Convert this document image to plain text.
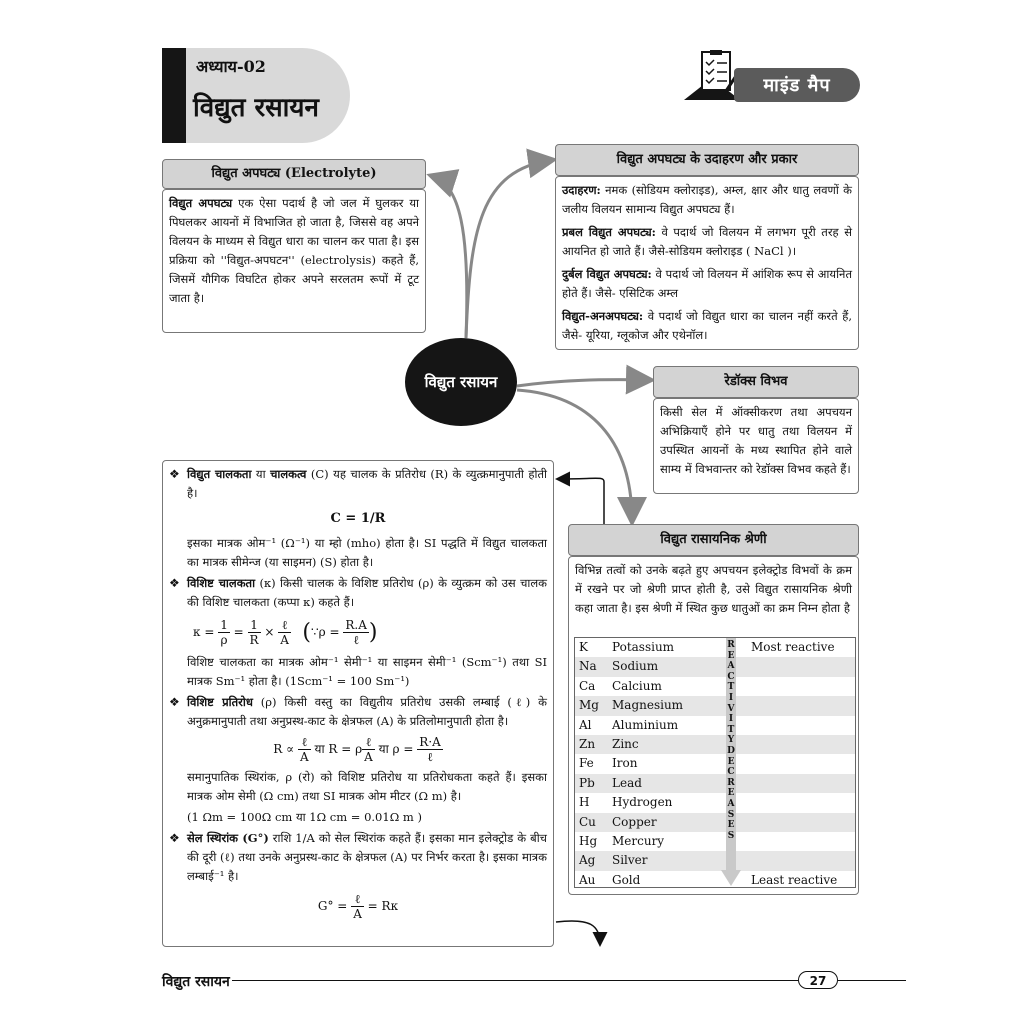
अध्याय-02
विद्युत रसायन
माइंड मैप
विद्युत अपघट्य (Electrolyte)
विद्युत अपघट्य एक ऐसा पदार्थ है जो जल में घुलकर या पिघलकर आयनों में विभाजित हो जाता है, जिससे वह अपने विलयन के माध्यम से विद्युत धारा का चालन कर पाता है। इस प्रक्रिया को ''विद्युत-अपघटन'' (electrolysis) कहते हैं, जिसमें यौगिक विघटित होकर अपने सरलतम रूपों में टूट जाता है।
विद्युत अपघट्य के उदाहरण और प्रकार

उदाहरण: नमक (सोडियम क्लोराइड), अम्ल, क्षार और धातु लवणों के जलीय विलयन सामान्य विद्युत अपघट्य हैं।

प्रबल विद्युत अपघट्य: वे पदार्थ जो विलयन में लगभग पूरी तरह से आयनित हो जाते हैं। जैसे-सोडियम क्लोराइड ( NaCl )।

दुर्बल विद्युत अपघट्य: वे पदार्थ जो विलयन में आंशिक रूप से आयनित होते हैं। जैसे- एसिटिक अम्ल

विद्युत-अनअपघट्य: वे पदार्थ जो विद्युत धारा का चालन नहीं करते हैं, जैसे- यूरिया, ग्लूकोज और एथेनॉल।

विद्युत रसायन	रेडॉक्स विभव
किसी सेल में ऑक्सीकरण तथा अपचयन अभिक्रियाएँ होने पर धातु तथा विलयन में उपस्थित आयनों के मध्य स्थापित होने वाले साम्य में विभवान्तर को रेडॉक्स विभव कहते हैं।
❖ विद्युत चालकता या चालकत्व (C) यह चालक के प्रतिरोध (R) के व्युत्क्रमानुपाती होती है।
C = 1/R
इसका मात्रक ओम⁻¹ (Ω⁻¹) या म्हो (mho) होता है। SI पद्धति में विद्युत चालकता का मात्रक सीमेन्ज (या साइमन) (S) होता है।
❖ विशिष्ट चालकता (κ) किसी चालक के विशिष्ट प्रतिरोध (ρ) के व्युत्क्रम को उस चालक की विशिष्ट चालकता (कप्पा κ) कहते हैं।
$\kappa = \frac{1}{\rho} = \frac{1}{R} \times \frac{\text{ℓ}}{A}$ (∵ρ = $\frac{R.A}{\text{ℓ}}$ )
विशिष्ट चालकता का मात्रक ओम⁻¹ सेमी⁻¹ या साइमन सेमी⁻¹ (Scm⁻¹) तथा SI मात्रक Sm⁻¹ होता है। (1Scm⁻¹ = 100 Sm⁻¹)
❖ विशिष्ट प्रतिरोध (ρ) किसी वस्तु का विद्युतीय प्रतिरोध उसकी लम्बाई (ℓ) के अनुक्रमानुपाती तथा अनुप्रस्थ-काट के क्षेत्रफल (A) के प्रतिलोमानुपाती होता है।
$R \propto \frac{\text{ℓ}}{A}$ या R = ρ $\frac{\text{ℓ}}{A}$ या $\rho = \frac{R\cdot A}{\text{ℓ}}$
समानुपातिक स्थिरांक, ρ (रो) को विशिष्ट प्रतिरोध या प्रतिरोधकता कहते हैं। इसका मात्रक ओम सेमी (Ω cm) तथा SI मात्रक ओम मीटर (Ω m) है।
(1 Ωm = 100Ω cm या 1Ω cm = 0.01Ω m )
❖ सेल स्थिरांक (G°) राशि 1/A को सेल स्थिरांक कहते हैं। इसका मान इलेक्ट्रोड के बीच की दूरी (ℓ) तथा उनके अनुप्रस्थ-काट के क्षेत्रफल (A) पर निर्भर करता है। इसका मात्रक लम्बाई⁻¹ है।
$G^\circ = \frac{\text{ℓ}}{A} = R\kappa$
विद्युत रासायनिक श्रेणी
विभिन्न तत्वों को उनके बढ़ते हुए अपचयन इलेक्ट्रोड विभवों के क्रम में रखने पर जो श्रेणी प्राप्त होती है, उसे विद्युत रासायनिक श्रेणी कहा जाता है। इस श्रेणी में स्थित कुछ धातुओं का क्रम निम्न होता है
K Potassium	Most reactive
Na Sodium
Ca Calcium
Mg Magnesium
Al Aluminium
Zn Zinc
Fe Iron
Pb Lead
H Hydrogen
Cu Copper
Hg Mercury
Ag Silver
Au Gold	Least reactive
REACTIVITY DECREASES
विद्युत रसायन	27
